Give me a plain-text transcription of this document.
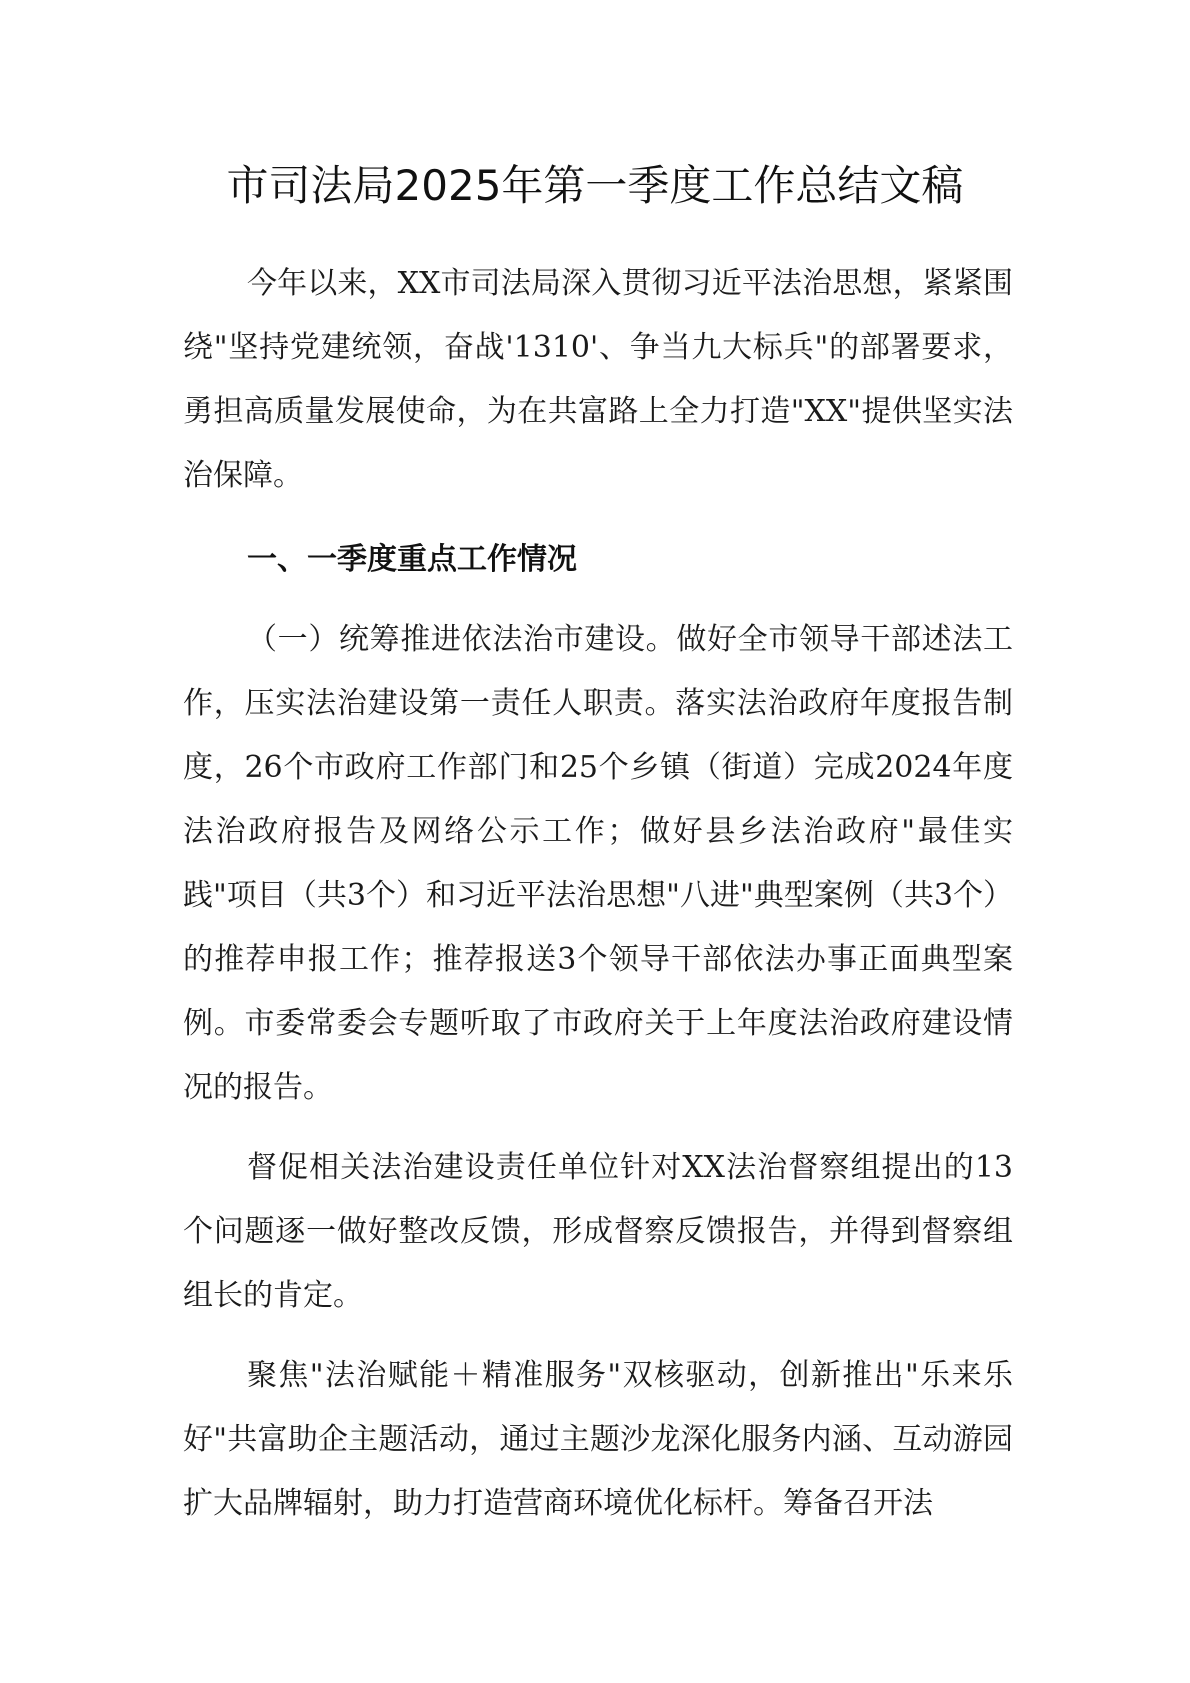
市司法局2025年第一季度工作总结文稿

今年以来，XX市司法局深入贯彻习近平法治思想，紧紧围绕"坚持党建统领，奋战'1310'、争当九大标兵"的部署要求，勇担高质量发展使命，为在共富路上全力打造"XX"提供坚实法治保障。

一、一季度重点工作情况

（一）统筹推进依法治市建设。做好全市领导干部述法工作，压实法治建设第一责任人职责。落实法治政府年度报告制度，26个市政府工作部门和25个乡镇（街道）完成2024年度法治政府报告及网络公示工作；做好县乡法治政府"最佳实践"项目（共3个）和习近平法治思想"八进"典型案例（共3个）的推荐申报工作；推荐报送3个领导干部依法办事正面典型案例。市委常委会专题听取了市政府关于上年度法治政府建设情况的报告。

督促相关法治建设责任单位针对XX法治督察组提出的13个问题逐一做好整改反馈，形成督察反馈报告，并得到督察组组长的肯定。

聚焦"法治赋能＋精准服务"双核驱动，创新推出"乐来乐好"共富助企主题活动，通过主题沙龙深化服务内涵、互动游园扩大品牌辐射，助力打造营商环境优化标杆。筹备召开法
